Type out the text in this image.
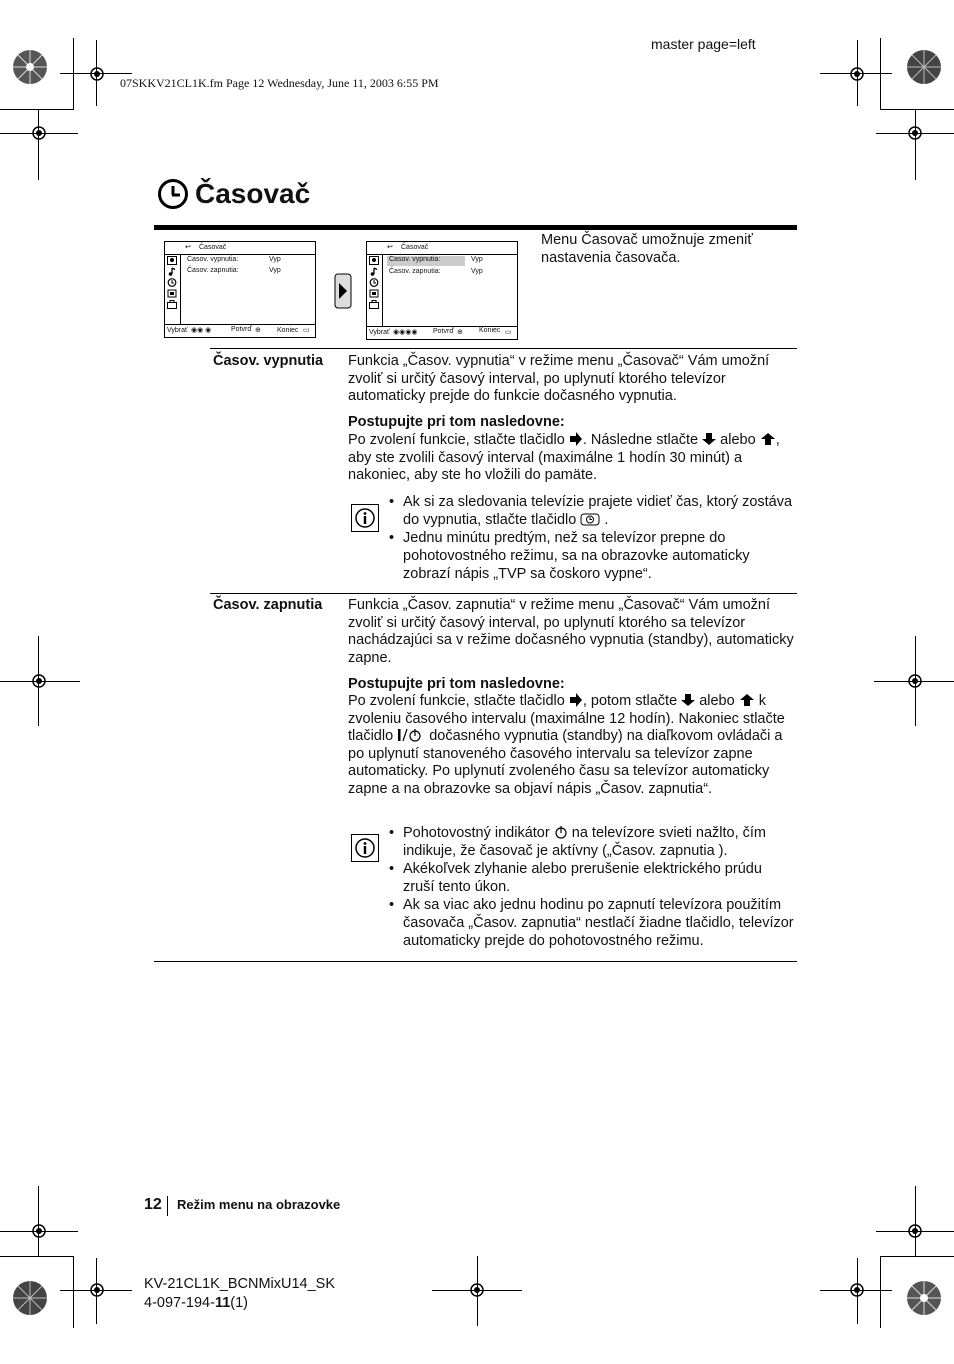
master page=left
07SKKV21CL1K.fm Page 12 Wednesday, June 11, 2003 6:55 PM
Časovač
↩ Časovač
Časov. vypnutia:	Vyp
Časov. zapnutia:	Vyp
Vybrať ◉◉ ◉	Potvrď ⊕ Koniec ▭
↩ Časovač
Časov. vypnutia:	Vyp
Časov. zapnutia:	Vyp
Vybrať ◉◉◉◉ Potvrď ⊕ Koniec ▭
Menu Časovač umožnuje zmeniť nastavenia časovača.
Časov. vypnutia Funkcia „Časov. vypnutia“ v režime menu „Časovač“ Vám umožní zvoliť si určitý časový interval, po uplynutí ktorého televízor automaticky prejde do funkcie dočasného vypnutia.
Postupujte pri tom nasledovne:
Po zvolení funkcie, stlačte tlačidlo . Následne stlačte alebo , aby ste zvolili časový interval (maximálne 1 hodín 30 minút) a nakoniec, aby ste ho vložili do pamäte.
• Ak si za sledovania televízie prajete vidieť čas, ktorý zostáva do vypnutia, stlačte tlačidlo  .
• Jednu minútu predtým, než sa televízor prepne do pohotovostného režimu, sa na obrazovke automaticky zobrazí nápis „TVP sa čoskoro vypne“.
Časov. zapnutia Funkcia „Časov. zapnutia“ v režime menu „Časovač“ Vám umožní zvoliť si určitý časový interval, po uplynutí ktorého sa televízor nachádzajúci sa v režime dočasného vypnutia (standby), automaticky zapne.
Postupujte pri tom nasledovne:
Po zvolení funkcie, stlačte tlačidlo , potom stlačte alebo k zvoleniu časového intervalu (maximálne 12 hodín). Nakoniec stlačte tlačidlo dočasného vypnutia (standby) na diaľkovom ovládači a po uplynutí stanoveného časového intervalu sa televízor zapne automaticky. Po uplynutí zvoleného času sa televízor automaticky zapne a na obrazovke sa objaví nápis „Časov. zapnutia“.
• Pohotovostný indikátor na televízore svieti nažlto, čím indikuje, že časovač je aktívny („Časov. zapnutia ).
• Akékoľvek zlyhanie alebo prerušenie elektrického prúdu zruší tento úkon.
• Ak sa viac ako jednu hodinu po zapnutí televízora použitím časovača „Časov. zapnutia“ nestlačí žiadne tlačidlo, televízor automaticky prejde do pohotovostného režimu.
12 Režim menu na obrazovke
KV-21CL1K_BCNMixU14_SK
4-097-194-11(1)
